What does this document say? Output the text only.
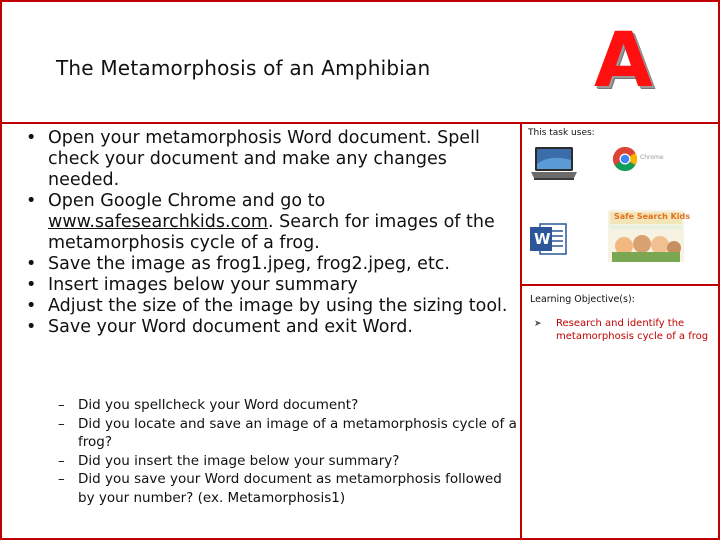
The Metamorphosis of an Amphibian A
• Open your metamorphosis Word document. Spell check your document and make any changes needed.
• Open Google Chrome and go to www.safesearchkids.com. Search for images of the metamorphosis cycle of a frog.
• Save the image as frog1.jpeg, frog2.jpeg, etc.
• Insert images below your summary
• Adjust the size of the image by using the sizing tool.
• Save your Word document and exit Word.
– Did you spellcheck your Word document?
– Did you locate and save an image of a metamorphosis cycle of a frog?
– Did you insert the image below your summary?
– Did you save your Word document as metamorphosis followed by your number? (ex. Metamorphosis1)
This task uses:
Chrome
W
Safe Search Kids
Learning Objective(s):
➤ Research and identify the metamorphosis cycle of a frog
